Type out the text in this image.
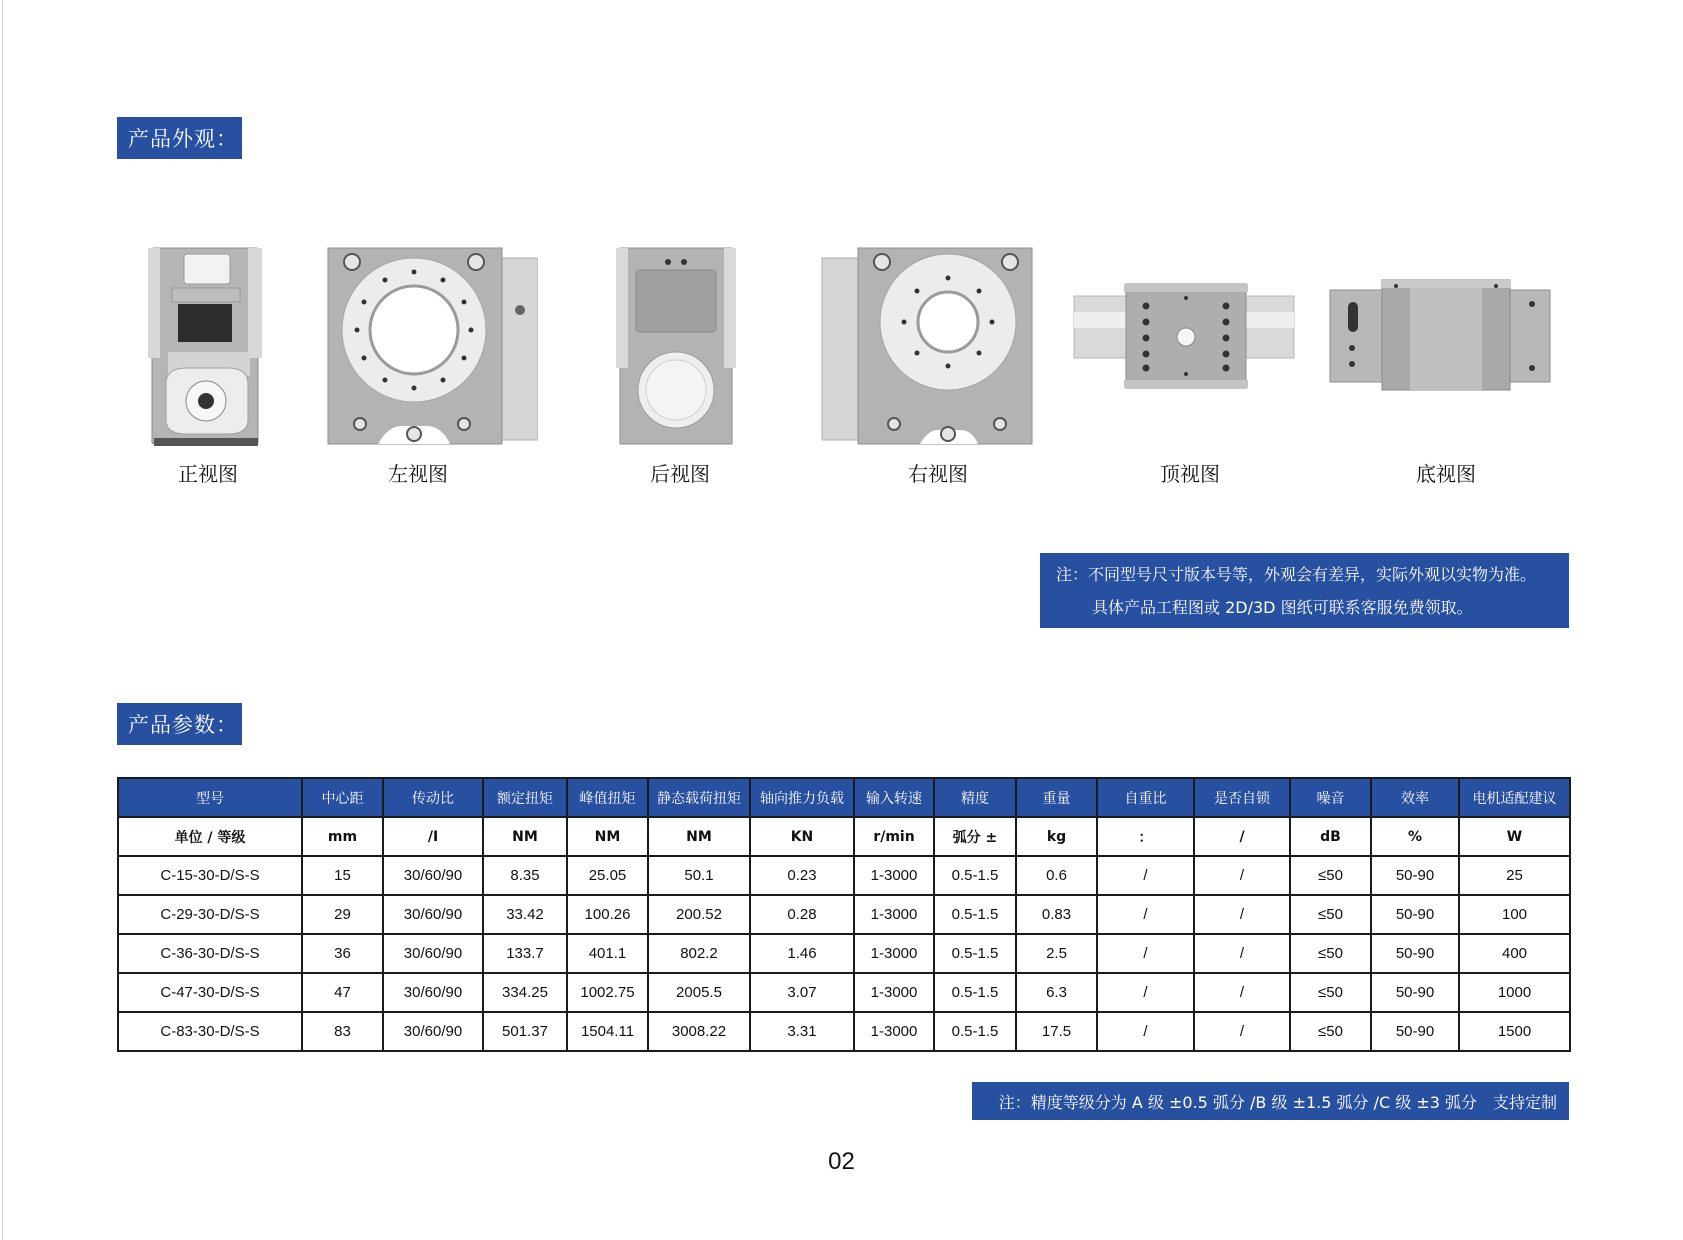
产品外观：
正视图	左视图	后视图	右视图	顶视图	底视图
注：不同型号尺寸版本号等，外观会有差异，实际外观以实物为准。
具体产品工程图或 2D/3D 图纸可联系客服免费领取。
产品参数：
型号	中心距	传动比	额定扭矩	峰值扭矩	静态载荷扭矩	轴向推力负载	输入转速	精度	重量	自重比	是否自锁	噪音	效率	电机适配建议
单位 / 等级	mm	/I	NM	NM	NM	KN	r/min	弧分 ±	kg	：	/	dB	%	W
C-15-30-D/S-S	15	30/60/90	8.35	25.05	50.1	0.23	1-3000	0.5-1.5	0.6	/	/	≤50	50-90	25
C-29-30-D/S-S	29	30/60/90	33.42	100.26	200.52	0.28	1-3000	0.5-1.5	0.83	/	/	≤50	50-90	100
C-36-30-D/S-S	36	30/60/90	133.7	401.1	802.2	1.46	1-3000	0.5-1.5	2.5	/	/	≤50	50-90	400
C-47-30-D/S-S	47	30/60/90	334.25	1002.75	2005.5	3.07	1-3000	0.5-1.5	6.3	/	/	≤50	50-90	1000
C-83-30-D/S-S	83	30/60/90	501.37	1504.11	3008.22	3.31	1-3000	0.5-1.5	17.5	/	/	≤50	50-90	1500
注：精度等级分为 A 级 ±0.5 弧分 /B 级 ±1.5 弧分 /C 级 ±3 弧分　支持定制
02
